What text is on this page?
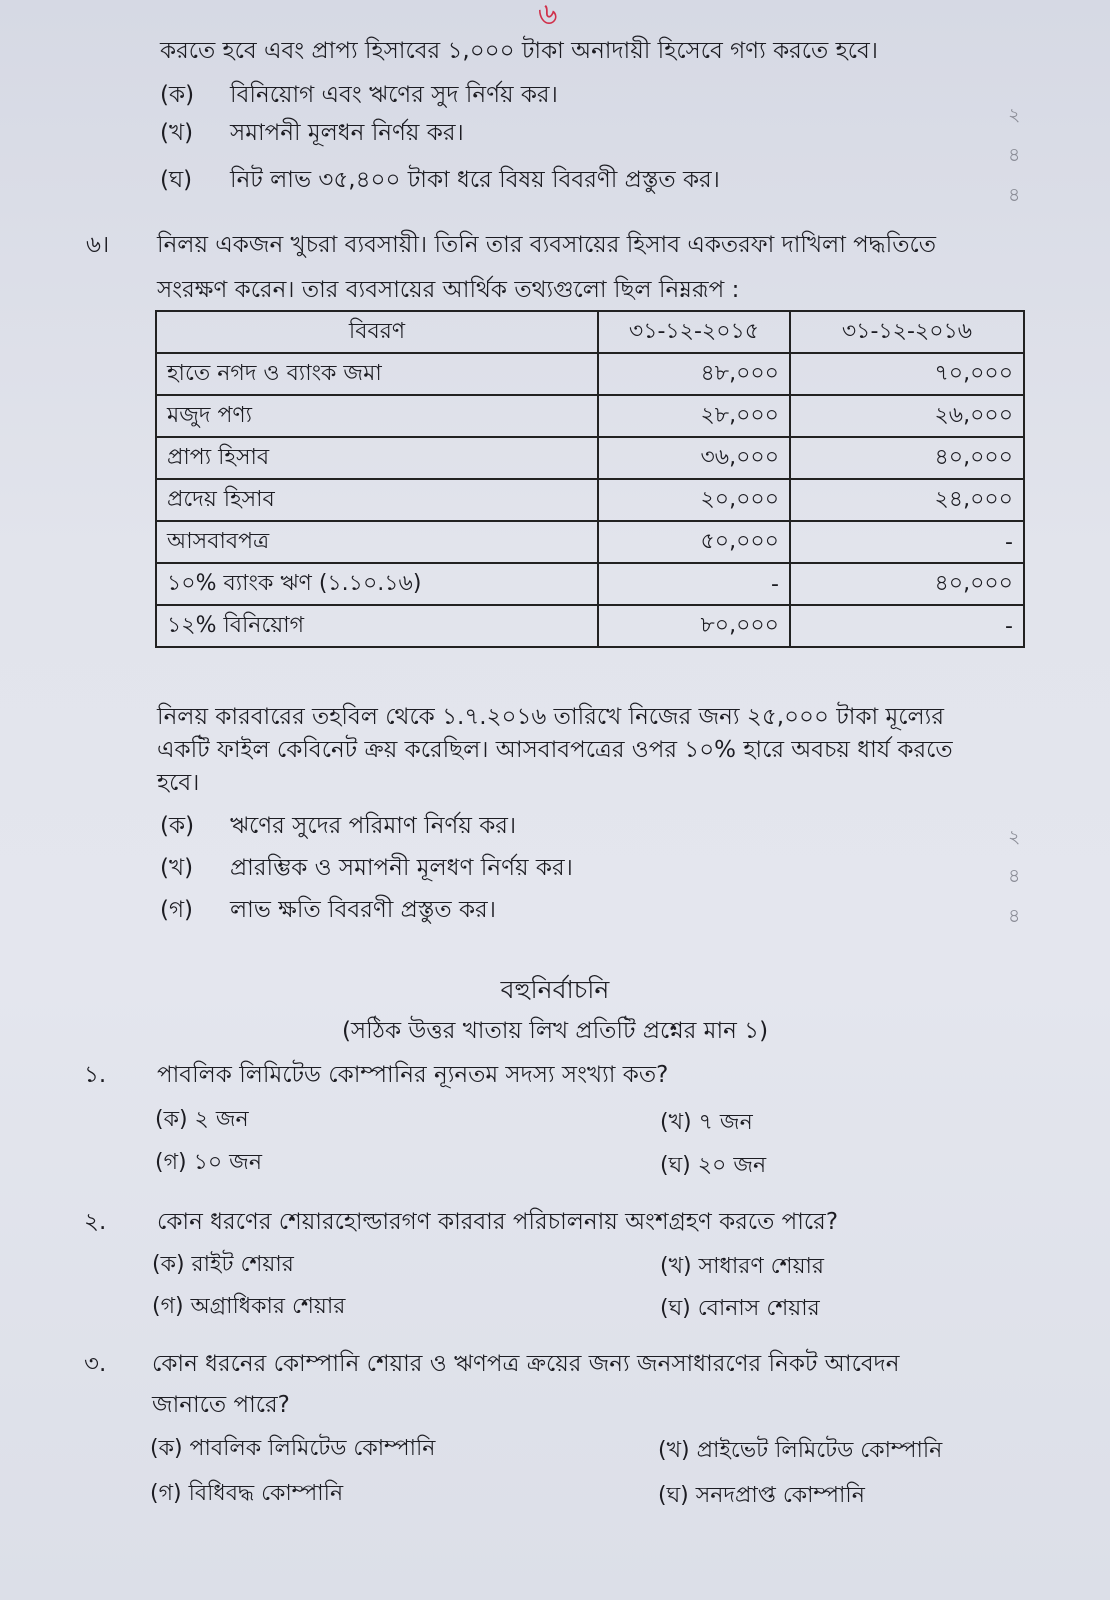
৬
করতে হবে এবং প্রাপ্য হিসাবের ১,০০০ টাকা অনাদায়ী হিসেবে গণ্য করতে হবে।
(ক) বিনিয়োগ এবং ঋণের সুদ নির্ণয় কর।
(খ) সমাপনী মূলধন নির্ণয় কর।
(ঘ) নিট লাভ ৩৫,৪০০ টাকা ধরে বিষয় বিবরণী প্রস্তুত কর।
২
৪
৪
৬। নিলয় একজন খুচরা ব্যবসায়ী। তিনি তার ব্যবসায়ের হিসাব একতরফা দাখিলা পদ্ধতিতে
সংরক্ষণ করেন। তার ব্যবসায়ের আর্থিক তথ্যগুলো ছিল নিম্নরূপ :
বিবরণ	৩১-১২-২০১৫	৩১-১২-২০১৬
হাতে নগদ ও ব্যাংক জমা	৪৮,০০০	৭০,০০০
মজুদ পণ্য	২৮,০০০	২৬,০০০
প্রাপ্য হিসাব	৩৬,০০০	৪০,০০০
প্রদেয় হিসাব	২০,০০০	২৪,০০০
আসবাবপত্র	৫০,০০০	-
১০% ব্যাংক ঋণ (১.১০.১৬)	-	৪০,০০০
১২% বিনিয়োগ	৮০,০০০	-
নিলয় কারবারের তহবিল থেকে ১.৭.২০১৬ তারিখে নিজের জন্য ২৫,০০০ টাকা মূল্যের
একটি ফাইল কেবিনেট ক্রয় করেছিল। আসবাবপত্রের ওপর ১০% হারে অবচয় ধার্য করতে
হবে।
(ক) ঋণের সুদের পরিমাণ নির্ণয় কর।
(খ) প্রারম্ভিক ও সমাপনী মূলধণ নির্ণয় কর।
(গ) লাভ ক্ষতি বিবরণী প্রস্তুত কর।
২
৪
৪
বহুনির্বাচনি
(সঠিক উত্তর খাতায় লিখ প্রতিটি প্রশ্নের মান ১)
১. পাবলিক লিমিটেড কোম্পানির ন্যূনতম সদস্য সংখ্যা কত?
(ক) ২ জন	(খ) ৭ জন
(গ) ১০ জন	(ঘ) ২০ জন
২. কোন ধরণের শেয়ারহোল্ডারগণ কারবার পরিচালনায় অংশগ্রহণ করতে পারে?
(ক) রাইট শেয়ার	(খ) সাধারণ শেয়ার
(গ) অগ্রাধিকার শেয়ার	(ঘ) বোনাস শেয়ার
৩. কোন ধরনের কোম্পানি শেয়ার ও ঋণপত্র ক্রয়ের জন্য জনসাধারণের নিকট আবেদন
জানাতে পারে?
(ক) পাবলিক লিমিটেড কোম্পানি	(খ) প্রাইভেট লিমিটেড কোম্পানি
(গ) বিধিবদ্ধ কোম্পানি	(ঘ) সনদপ্রাপ্ত কোম্পানি
